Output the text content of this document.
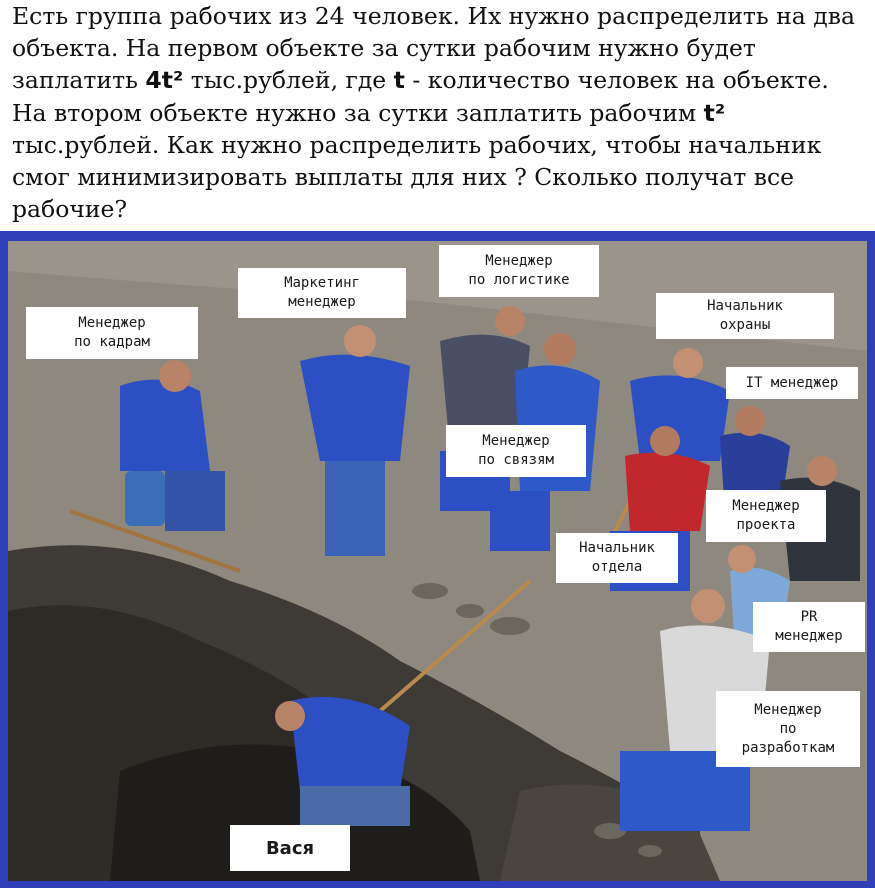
Есть группа рабочих из 24 человек. Их нужно распределить на два объекта. На первом объекте за сутки рабочим нужно будет заплатить 4t² тыс.рублей, где t - количество человек на объекте. На втором объекте нужно за сутки заплатить рабочим t² тыс.рублей. Как нужно распределить рабочих, чтобы начальник смог минимизировать выплаты для них ? Сколько получат все рабочие?
Менеджер
по кадрам
Маркетинг
менеджер
Менеджер
по логистике
Начальник
охраны
IT менеджер
Менеджер
по связям
Менеджер
проекта
Начальник
отдела
PR
менеджер
Менеджер
по
разработкам
Вася
